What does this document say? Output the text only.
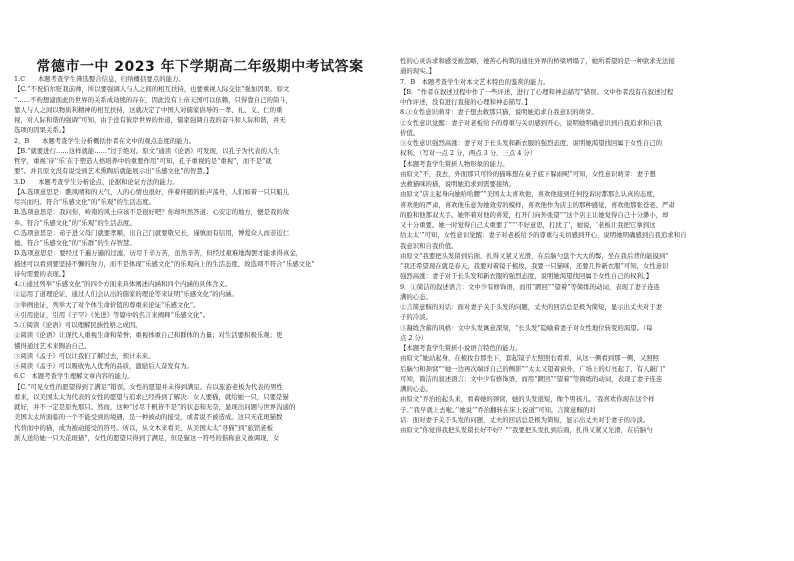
常德市一中 2023 年下学期高二年级期中考试答案
1.C　　本题考查学生筛选整合信息，归纳概括要点的能力。
【C.“不祝伯尔贬我前帅，所以要强调人与人之间的相互扶持，也要重视人际交往”强加因果。原文
“……不构想建面此仍世界的关系成劫熊的存在，因此没有上帝天国可以依赖，只得靠自己的筒斗，
靠人与人之间以物质利精神的相互扶持，这就决定了中国人对儒家倡导的一孝、礼、义、仁的重
视，对人际和谐的强调”可知，由于没有彼岸世界的作道，儒家强调自我的奋斗和人际和谐，并无
选项的因果关系。】
2，B　　本题考查学生分析概括作者在文中的观点态度的能力。
【B.“就要进行……这样就能……”过于绝对。原文“通读《论语》可发现，以孔子为代表的人生
哲学，重视‘诗’‘乐’在于塑造人格培养中的重要作用”可知，孔子重视的是“重视”，而不是“就
要”。并且原文没有说受到艺术熏陶后就能展示出“乐感文化”的智慧。】
3.D　　本题考查学生分析论点、论据和论证方法的能力。
【A.选项意思是：瞧风晴和的天气，人的心情也很好，伴着伴随的蛙声荡舟，人们如着一只只船儿
尽兴而归。符合“乐感文化”的“乐观”的生活态度。
B.选项意思是：我问你，岭南的风土应该不是很好吧？你却坦然答道：心安定的地方，便是我的故
乡。符合“乐感文化”的“乐观”的生活态度。
C.选项意思是：弟子进父母门就要孝顺，出自己门就要敬兄长，谨慎而有信用，博爱众人而亲近仁
德。符合“乐感文化”的“乐群”的生存智慧。
D.选项意思是：要经过千遍万遍的过滤，历尽千辛万苦，虽然辛苦，但经过艰难地淘罢才能求得真金，
描述可以看到要坚持不懈的努力，而不是体现“乐感文化”的乐观向上的生活态度，故选项不符合“乐感文化”
诗句需要的表现。】
4.①通过列举“乐感文化”的四个方面来具体阐述内涵和四个内涵的具体含义。
②运用了道理论证，通过人们会认出的儒家的理论等来证明“乐感文化”的内涵。
③举例论证，列举大了对个体生命价值的尊重来论证“乐感文化”。
④引用论证，引用《子罕》《先进》等篇中的名言来阐释“乐感文化”。
5.①阅读《论语》可以理解民族性格之成因。
②阅读《论语》让现代人重视生命和荣誉；重视体重自己和群体的力量；对生活要积极乐观；更
懂得通过艺术来陶冶自己。
③阅读《孟子》可以让我们了解过去，预计未来。
④阅读《孟子》可以吸收先人优秀的品质，激励后人奋发有为。
6.C　本题考查学生理解文章内容的能力。
【C.“可见女性的愿望得到了满足”错误。女性的愿望并未得到满足。在以旅游老板为代表的男性
看来，以美国太太为代表的女性的愿望与追求已经得到了解决：女人要猫，就给她一只，只要是猫
就好，并不一定是原先那只。然而，这种“过尽千帆皆不是”的状态和无奈，显现出问题与世界沟通的
美国太太所面临的一个不能受到的境遇，是一种被动的接受，或者说不被造成。这只无花斑猫数
代替而中的猫，成为被动接受的符号。所以，从文本来看美，从美国太太“寻猫”到“旅馆老板
派人送给她一只大花斑猫”，女性的愿望只得到了满足，但是猫这一符号的指称意义被调现，女
性的心灵诉求和感受被忽略，她苦心构筑的通往外界的桥梁坍塌了，她所希望的是一种欲求无法接
通的现实。】
7．B　本题考查学生对本文艺术特色的鉴赏的能力。
【B．“作者在叙述过程中作了一些评述，进行了心理和神态描写”错误。文中作者没有在叙述过程
中作评述，没有进行直接的心理和神态描写。】
8.①女性意识萌芽：妻子想去救那只猫，说明她追求自我意识的萌芽。
②女性意识觉醒：妻子对老板给予的尊重与关切感到开心，说明她明确意识到自我追求和自我
价值。
③女性意识强烈高涨：妻子对于长头发和新衣服的强烈态度，说明她渴望找回属于女性自己的
权利。（写对一点 2 分，两点 3 分，三点 4 分）
【本题考查学生赏析人物形象的能力。
由原文“不，我去，外面那只可怜的猫咪想在桌子底下躲雨呢”可知，女性意识萌芽：妻子想
去救猫咪的猫，说明她追求到需要接纳。
由原文“店主起身向她哈哈腰”“美国太太喜欢他，喜欢他接到任何投诉时都那么认真的态度，
喜欢他的严肃，喜欢他乐意为她效劳的模样，喜欢他作为店主的那种感觉，喜欢他那张苍老、严肃
的脸和他那双大手。她怀着对他的喜爱，打开门向外张望”“这个店主让她觉得自己十分渺小，却
又十分重要。她一时觉得自己太重要了”“‘不好意思，打扰了’，她说，‘老板让我把它拿到这
给太太’”可知，女性意识觉醒：妻子对老板给予的尊重与关切感到开心，说明她明确感到自我追求和自
我意识和自我价值。
由原文“我要把头发留到后面，扎得又紧又光滑，在后脑勺盘个大大的髻，坐在我后背的能摸到”
“我还希望现在就是春天，我要对着镜子梳妆，我要一只猫咪，还要几件新衣服”可知，女性意识
强烈高涨：妻子对于长头发和新衣服的强烈态度，说明她渴望找回属于女性自己的权利。】
9．①简洁的叙述语言：文中少有修饰语，而用“踱回”“望着”等简练的动词，表现了妻子连连
满的心态。
②言简意赅的对话：面对妻子关于头发的问题，丈夫的回话总是极为简短，显示出丈夫对于妻
子的冷淡。
③凝练含蓄的风格：文中头发寓意深刻，“长头发”隐喻着妻子对女性地位转变的渴望。（每
点 2 分）
【本题考查学生赏析小说语言特色的能力。
由原文“她站起身，在梳妆台那坐下，套起镜子左照照右看看，从这一侧看到那一侧，又照照
后脑勺和颈窝”“她一边再次端详自己的侧影”“太太又望着窗外，广场上的灯亮起了，有人敲门”
可知，简洁的叙述语言：文中少有修饰语，而用“踱回”“望着”等简练的动词，表现了妻子连连
满的心态。
由原文“乔治抬起头来，看着她的颈窝，她的头发很短，像个男孩儿。‘我喜欢你现在这个样
子。’‘我早就上去啦。’‘她说’”乔治翻转在床上说道”可知，言简意赅的对
话：面对妻子关于头发的问题，丈夫的回话总是极为简短，显示出丈夫对于妻子的冷淡。
由原文“你觉得我把头发留长好不好？”“我要把头发扎到后面，扎得又紧又光滑，在后脑勺
